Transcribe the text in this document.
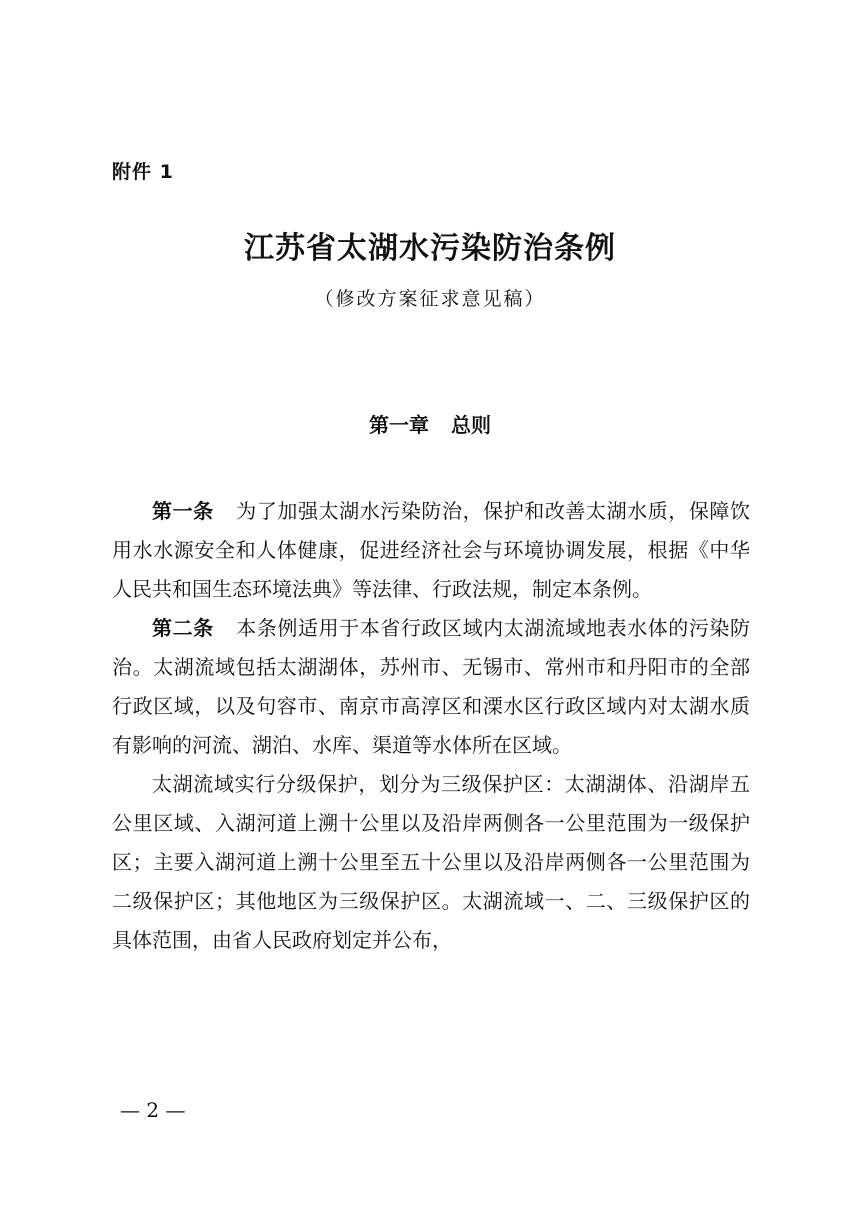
附件 1
江苏省太湖水污染防治条例
（修改方案征求意见稿）
第一章 总则

第一条 为了加强太湖水污染防治，保护和改善太湖水质，保障饮用水水源安全和人体健康，促进经济社会与环境协调发展，根据《中华人民共和国生态环境法典》等法律、行政法规，制定本条例。

第二条 本条例适用于本省行政区域内太湖流域地表水体的污染防治。太湖流域包括太湖湖体，苏州市、无锡市、常州市和丹阳市的全部行政区域，以及句容市、南京市高淳区和溧水区行政区域内对太湖水质有影响的河流、湖泊、水库、渠道等水体所在区域。

太湖流域实行分级保护，划分为三级保护区：太湖湖体、沿湖岸五公里区域、入湖河道上溯十公里以及沿岸两侧各一公里范围为一级保护区；主要入湖河道上溯十公里至五十公里以及沿岸两侧各一公里范围为二级保护区；其他地区为三级保护区。太湖流域一、二、三级保护区的具体范围，由省人民政府划定并公布，

— 2 —
